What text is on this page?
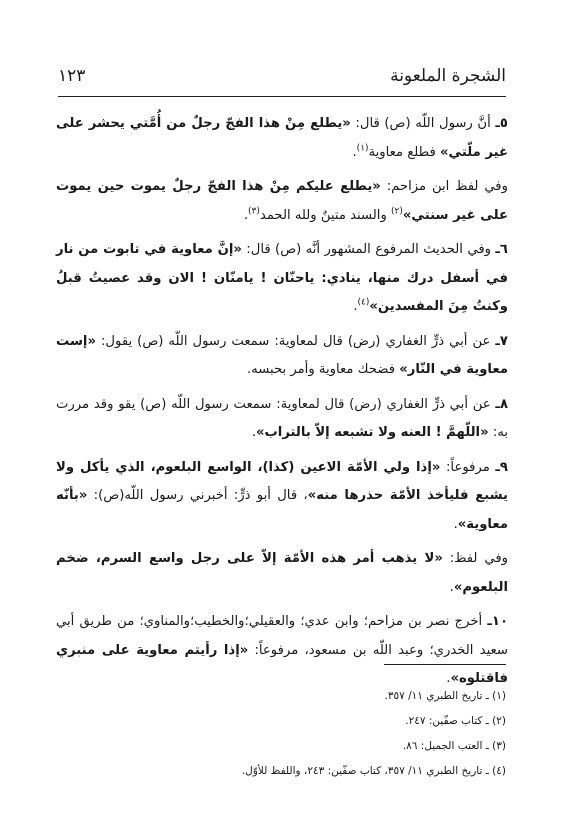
الشجرة الملعونة
١٢٣

٥ـ أنَّ رسول اللّه (ص) قال: «يطلع مِنْ هذا الفجّ رجلٌ من أُمَّتي يحشر على غير ملّتي» فطلع معاوية$^{(١)}$.

وفي لفظ ابن مزاحم: «يطلع عليكم مِنْ هذا الفجّ رجلٌ يموت حين يموت على غير سنتي»$^{(٢)}$ والسند متينٌ ولله الحمد$^{(٣)}$.

٦ـ وفي الحديث المرفوع المشهور أنَّه (ص) قال: «إنَّ معاوية في تابوت من نار في أسفل درك منها، ينادي: ياحنّان ! يامنّان ! الان وقد عصيتُ قبلُ وكنتُ مِنَ المفسدين»$^{(٤)}$.

٧ـ عن أبي ذرٍّ الغفاري (رض) قال لمعاوية: سمعت رسول اللّه (ص) يقول: «إست معاوية في النّار» فضحك معاوية وأمر بحبسه.

٨ـ عن أبي ذرٍّ الغفاري (رض) قال لمعاوية: سمعت رسول اللّه (ص) يقو وقد مررت به: «اللّهمَّ ! العنه ولا تشبعه إلاّ بالتراب».

٩ـ مرفوعاً: «إذا ولي الأمّة الاعين (كذا)، الواسع البلعوم، الذي يأكل ولا يشبع فليأخذ الأمّة حذرها منه»، قال أبو ذرٍّ: أخبرني رسول اللّه(ص): «بأنّه معاوية».

وفي لفظ: «لا يذهب أمر هذه الأمّة إلاّ على رجل واسع السرم، ضخم البلعوم».

١٠ـ أخرج نصر بن مزاحم؛ وابن عدي؛ والعقيلي؛والخطيب؛والمناوي؛ من طريق أبي سعيد الخدري؛ وعبد اللّه بن مسعود، مرفوعاً: «إذا رأيتم معاوية على منبري فاقتلوه».

(١) ـ تاريخ الطبري ١١/ ٣٥٧.
(٢) ـ كتاب صفّين: ٢٤٧.
(٣) ـ العتب الجميل: ٨٦.
(٤) ـ تاريخ الطبري ١١/ ٣٥٧، كتاب صفّين: ٢٤٣، واللفظ للأوّل.
